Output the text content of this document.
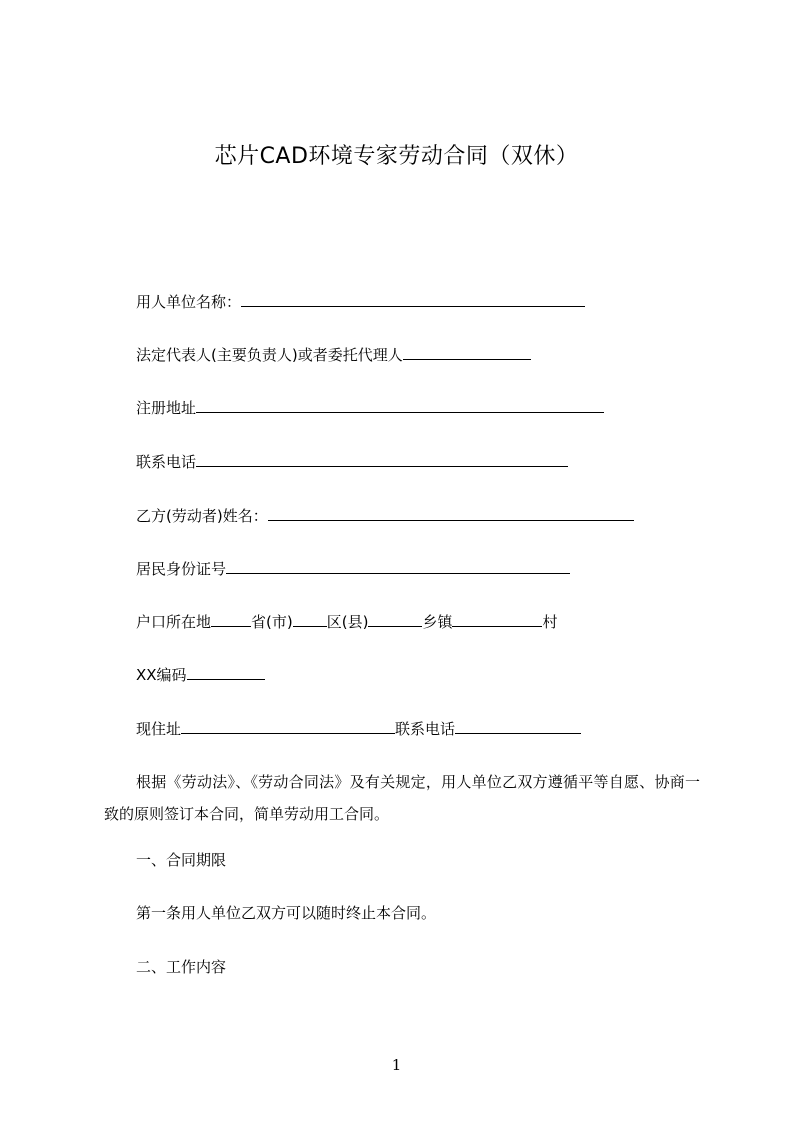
芯片CAD环境专家劳动合同（双休）
用人单位名称：
法定代表人(主要负责人)或者委托代理人
注册地址
联系电话
乙方(劳动者)姓名：
居民身份证号
户口所在地	省(市) 区(县)	乡镇	村
XX编码
现住址	联系电话
根据《劳动法》、《劳动合同法》及有关规定，用人单位乙双方遵循平等自愿、协商一致的原则签订本合同，简单劳动用工合同。
一、合同期限
第一条用人单位乙双方可以随时终止本合同。
二、工作内容
1
